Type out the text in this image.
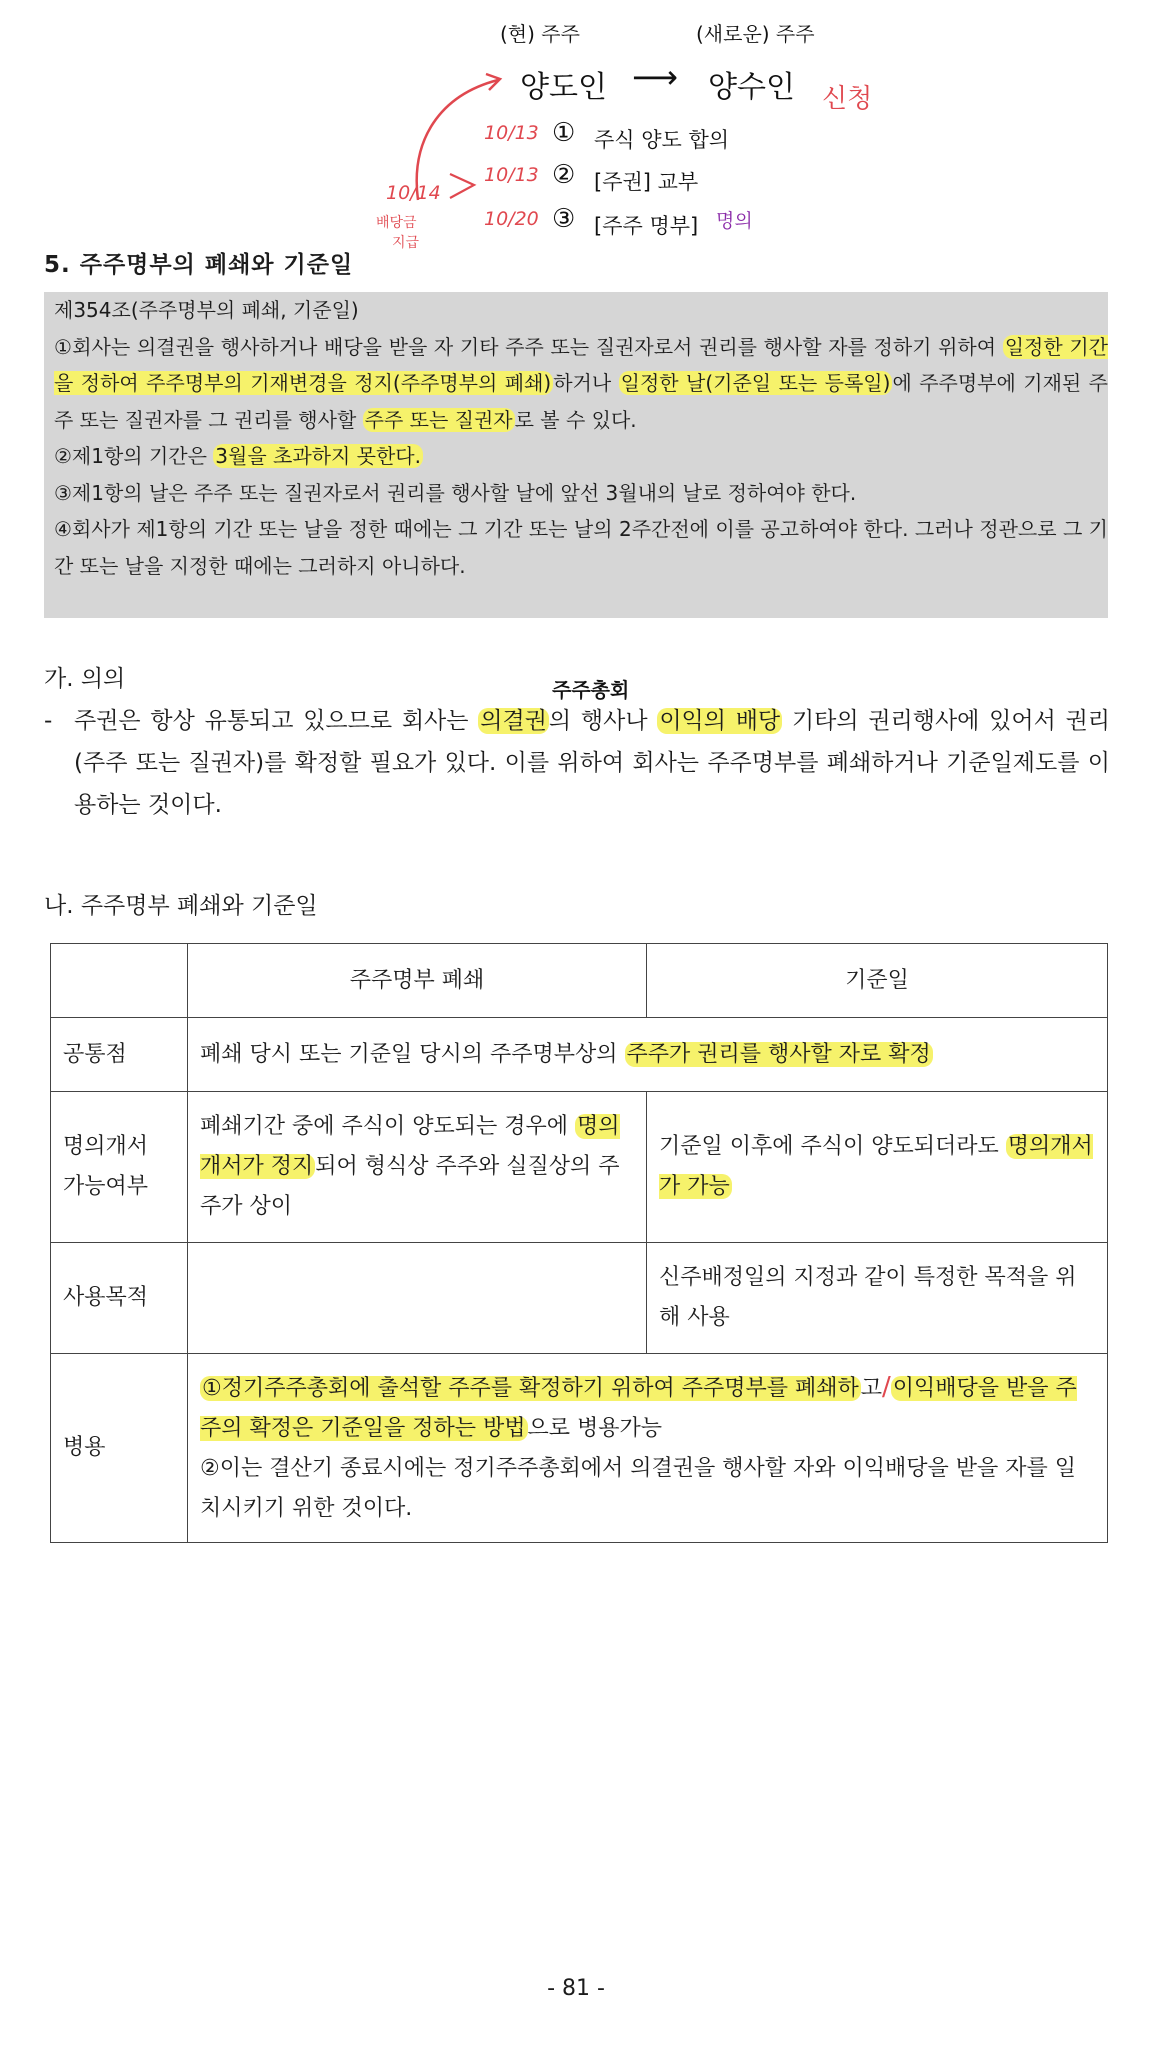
(현) 주주	(새로운) 주주
양도인 ⟶ 양수인 신청
10/13 ① 주식 양도 합의
10/13 ② [주권] 교부
10/14
배당금
지급
10/20 ③ [주주 명부] 명의
5. 주주명부의 폐쇄와 기준일

제354조(주주명부의 폐쇄, 기준일)

①회사는 의결권을 행사하거나 배당을 받을 자 기타 주주 또는 질권자로서 권리를 행사할 자를 정하기 위하여 일정한 기간을 정하여 주주명부의 기재변경을 정지(주주명부의 폐쇄) 하거나 일정한 날(기준일 또는 등록일) 에 주주명부에 기재된 주주 또는 질권자를 그 권리를 행사할 주주 또는 질권자 로 볼 수 있다.

②제1항의 기간은 3월을 초과하지 못한다.

③제1항의 날은 주주 또는 질권자로서 권리를 행사할 날에 앞선 3월내의 날로 정하여야 한다.

④회사가 제1항의 기간 또는 날을 정한 때에는 그 기간 또는 날의 2주간전에 이를 공고하여야 한다. 그러나 정관으로 그 기간 또는 날을 지정한 때에는 그러하지 아니하다.

가. 의의	주주총회
- 주권은 항상 유통되고 있으므로 회사는 의결권의 행사나 이익의 배당 기타의 권리행사에 있어서 권리(주주 또는 질권자)를 확정할 필요가 있다. 이를 위하여 회사는 주주명부를 폐쇄하거나 기준일제도를 이용하는 것이다.
나. 주주명부 폐쇄와 기준일
	주주명부 폐쇄	기준일
공통점	폐쇄 당시 또는 기준일 당시의 주주명부상의 주주가 권리를 행사할 자로 확정	
명의개서 가능여부	폐쇄기간 중에 주식이 양도되는 경우에 명의개서가 정지되어 형식상 주주와 실질상의 주주가 상이	기준일 이후에 주식이 양도되더라도 명의개서가 가능
사용목적		신주배정일의 지정과 같이 특정한 목적을 위해 사용
병용	①정기주주총회에 출석할 주주를 확정하기 위하여 주주명부를 폐쇄하고/이익배당을 받을 주주의 확정은 기준일을 정하는 방법으로 병용가능
②이는 결산기 종료시에는 정기주주총회에서 의결권을 행사할 자와 이익배당을 받을 자를 일치시키기 위한 것이다.	
- 81 -
